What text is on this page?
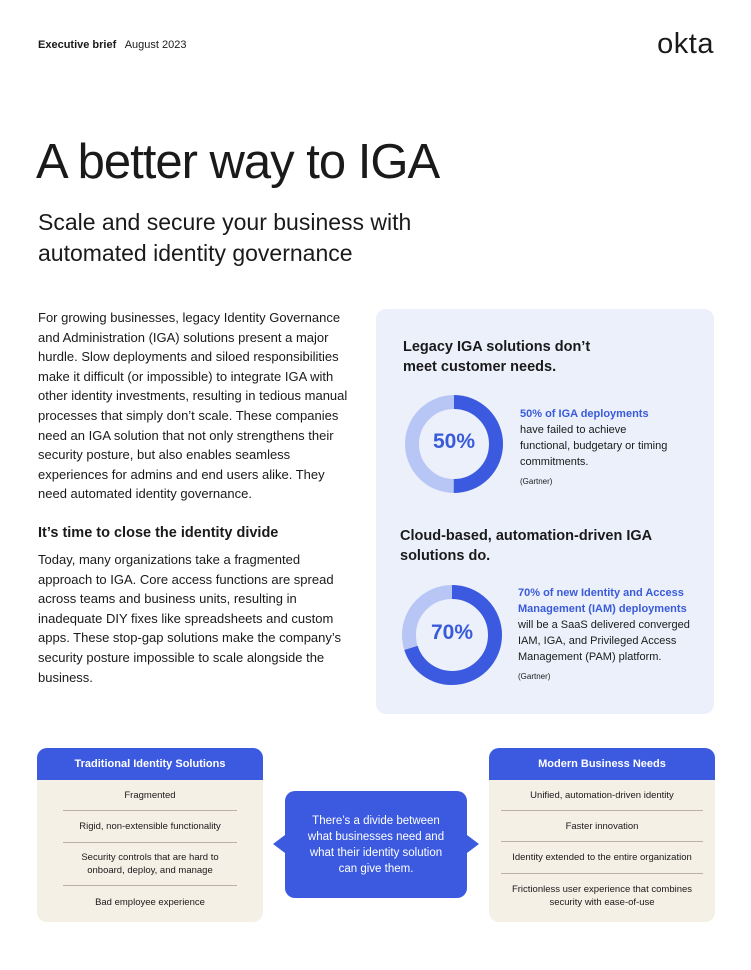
Executive brief August 2023	okta
A better way to IGA
Scale and secure your business with automated identity governance

For growing businesses, legacy Identity Governance and Administration (IGA) solutions present a major hurdle. Slow deployments and siloed responsibilities make it difficult (or impossible) to integrate IGA with other identity investments, resulting in tedious manual processes that simply don’t scale. These companies need an IGA solution that not only strengthens their security posture, but also enables seamless experiences for admins and end users alike. They need automated identity governance.

It’s time to close the identity divide

Today, many organizations take a fragmented approach to IGA. Core access functions are spread across teams and business units, resulting in inadequate DIY fixes like spreadsheets and custom apps. These stop-gap solutions make the company’s security posture impossible to scale alongside the business.

Legacy IGA solutions don’t meet customer needs.
50%
50% of IGA deployments
have failed to achieve functional, budgetary or timing commitments.
(Gartner)
Cloud-based, automation-driven IGA solutions do.
70%
70% of new Identity and Access Management (IAM) deployments
will be a SaaS delivered converged IAM, IGA, and Privileged Access Management (PAM) platform.
(Gartner)
Traditional Identity Solutions
Fragmented
Rigid, non-extensible functionality
Security controls that are hard to onboard, deploy, and manage
Bad employee experience
There’s a divide between what businesses need and what their identity solution can give them.
Modern Business Needs
Unified, automation-driven identity
Faster innovation
Identity extended to the entire organization
Frictionless user experience that combines security with ease-of-use
